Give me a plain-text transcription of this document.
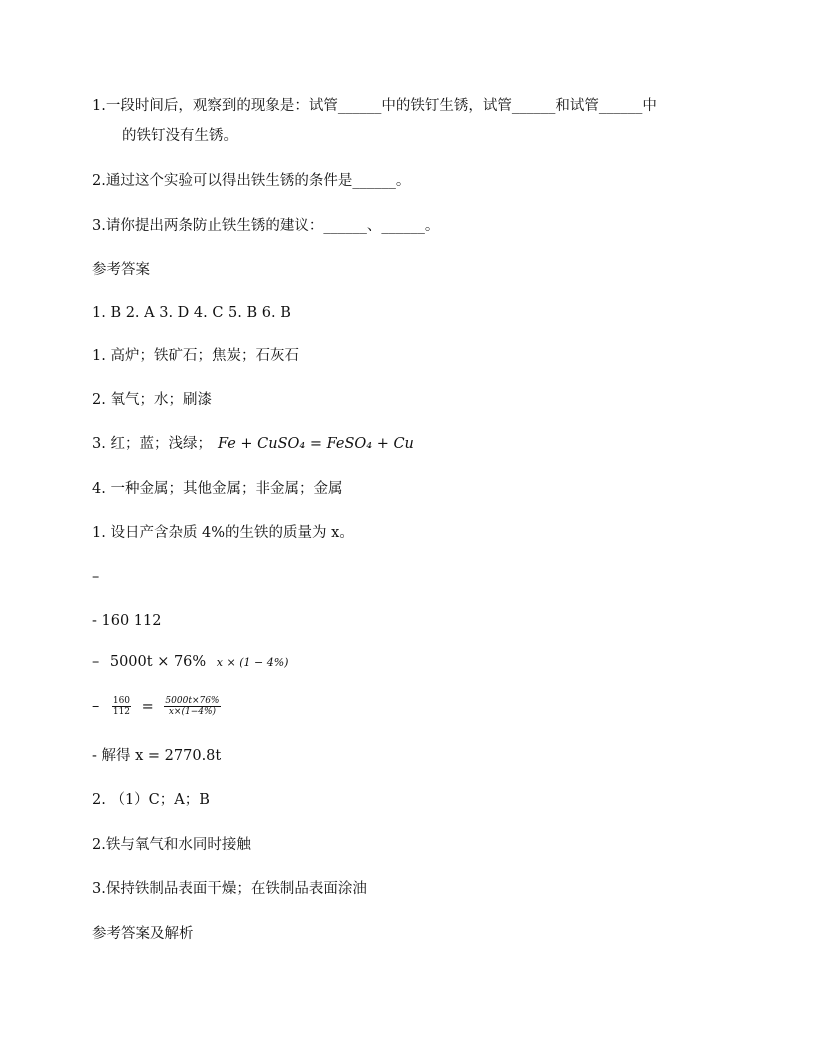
1.一段时间后，观察到的现象是：试管______中的铁钉生锈，试管______和试管______中
的铁钉没有生锈。
2.通过这个实验可以得出铁生锈的条件是______。
3.请你提出两条防止铁生锈的建议：______、______。
参考答案
1. B 2. A 3. D 4. C 5. B 6. B
1. 高炉；铁矿石；焦炭；石灰石
2. 氧气；水；刷漆
3. 红；蓝；浅绿； Fe + CuSO₄ = FeSO₄ + Cu
4. 一种金属；其他金属；非金属；金属
1. 设日产含杂质 4%的生铁的质量为 x。
–
- 160 112
– 5000t × 76% x × (1 − 4%)
– $\frac{160}{112} = \frac{5000t\times 76\%}{x\times(1-4\%)}$
- 解得 x = 2770.8t
2. （1）C；A；B
2.铁与氧气和水同时接触
3.保持铁制品表面干燥；在铁制品表面涂油
参考答案及解析
